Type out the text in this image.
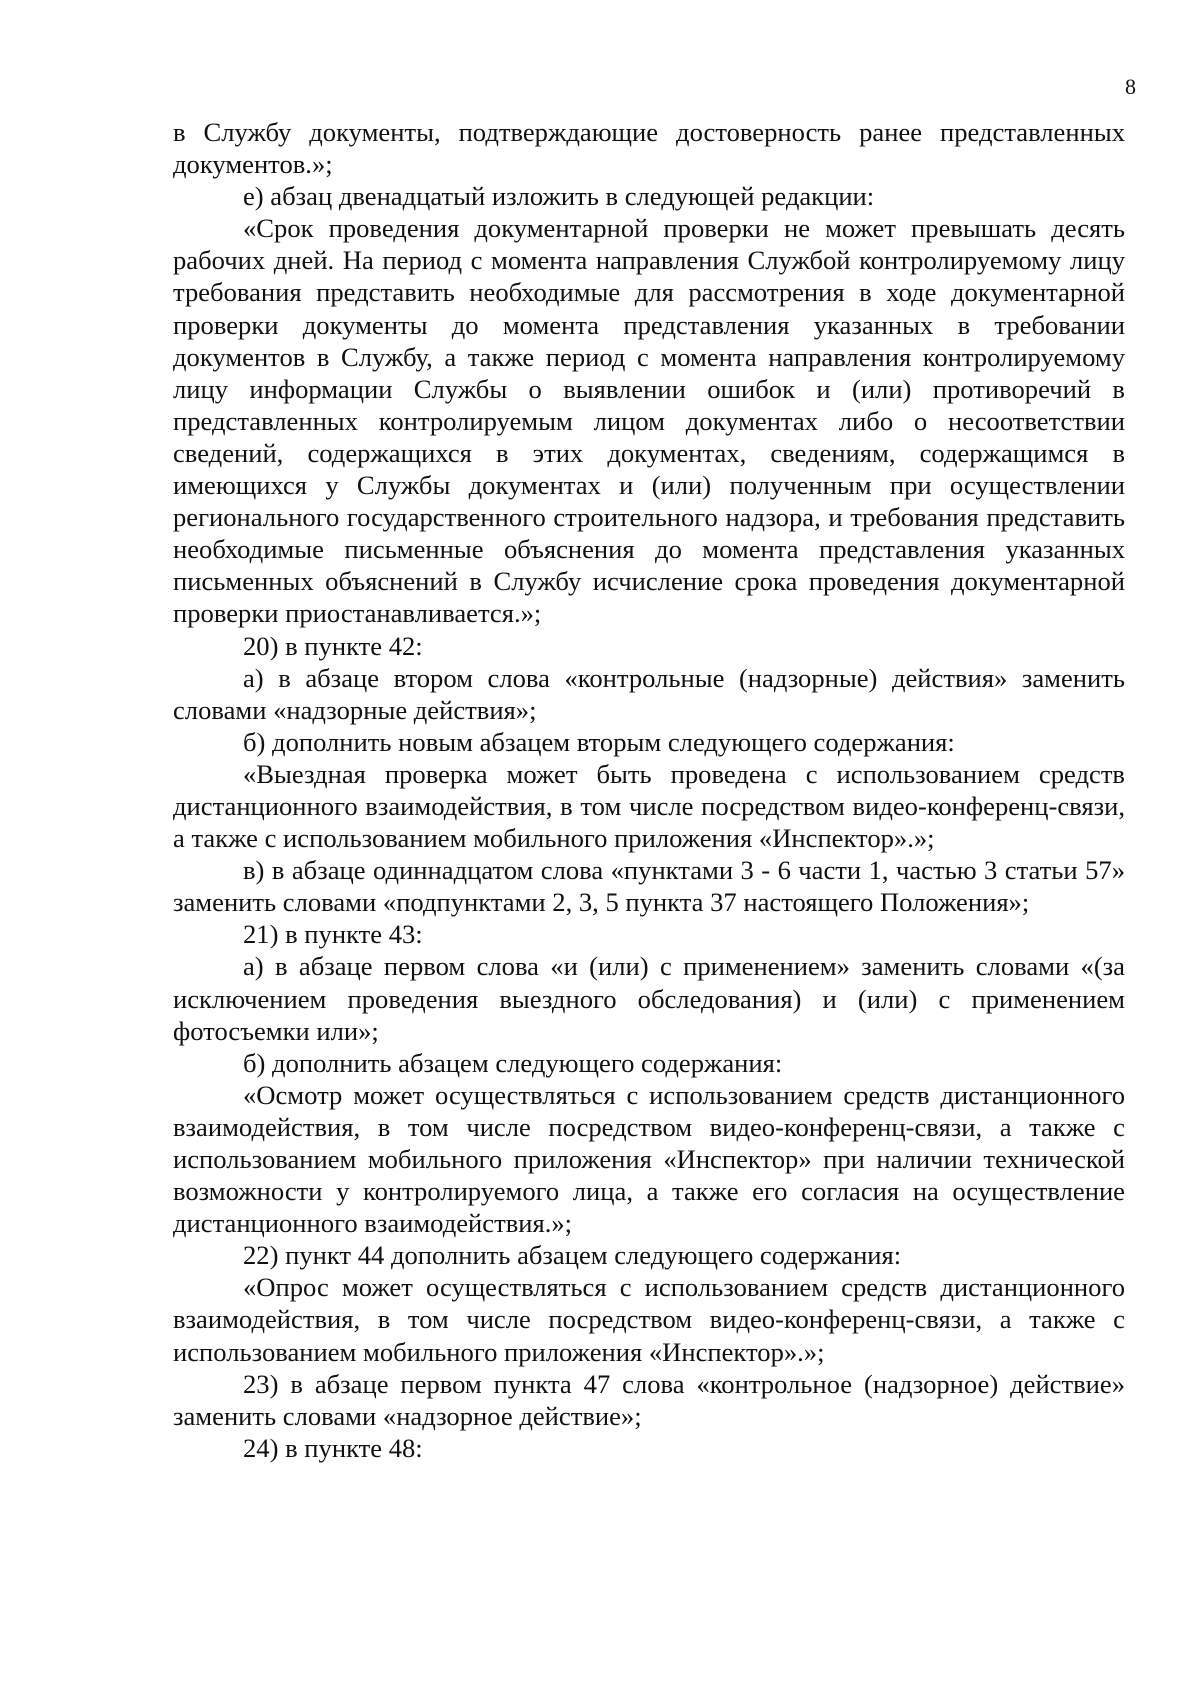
8

в Службу документы, подтверждающие достоверность ранее представленных документов.»;

е) абзац двенадцатый изложить в следующей редакции:

«Срок проведения документарной проверки не может превышать десять рабочих дней. На период с момента направления Службой контролируемому лицу требования представить необходимые для рассмотрения в ходе документарной проверки документы до момента представления указанных в требовании документов в Службу, а также период с момента направления контролируемому лицу информации Службы о выявлении ошибок и (или) противоречий в представленных контролируемым лицом документах либо о несоответствии сведений, содержащихся в этих документах, сведениям, содержащимся в имеющихся у Службы документах и (или) полученным при осуществлении регионального государственного строительного надзора, и требования представить необходимые письменные объяснения до момента представления указанных письменных объяснений в Службу исчисление срока проведения документарной проверки приостанавливается.»;

20) в пункте 42:

а) в абзаце втором слова «контрольные (надзорные) действия» заменить словами «надзорные действия»;

б) дополнить новым абзацем вторым следующего содержания:

«Выездная проверка может быть проведена с использованием средств дистанционного взаимодействия, в том числе посредством видео-конференц-связи, а также с использованием мобильного приложения «Инспектор».»;

в) в абзаце одиннадцатом слова «пунктами 3 - 6 части 1, частью 3 статьи 57» заменить словами «подпунктами 2, 3, 5 пункта 37 настоящего Положения»;

21) в пункте 43:

а) в абзаце первом слова «и (или) с применением» заменить словами «(за исключением проведения выездного обследования) и (или) с применением фотосъемки или»;

б) дополнить абзацем следующего содержания:

«Осмотр может осуществляться с использованием средств дистанционного взаимодействия, в том числе посредством видео-конференц-связи, а также с использованием мобильного приложения «Инспектор» при наличии технической возможности у контролируемого лица, а также его согласия на осуществление дистанционного взаимодействия.»;

22) пункт 44 дополнить абзацем следующего содержания:

«Опрос может осуществляться с использованием средств дистанционного взаимодействия, в том числе посредством видео-конференц-связи, а также с использованием мобильного приложения «Инспектор».»;

23) в абзаце первом пункта 47 слова «контрольное (надзорное) действие» заменить словами «надзорное действие»;

24) в пункте 48:
